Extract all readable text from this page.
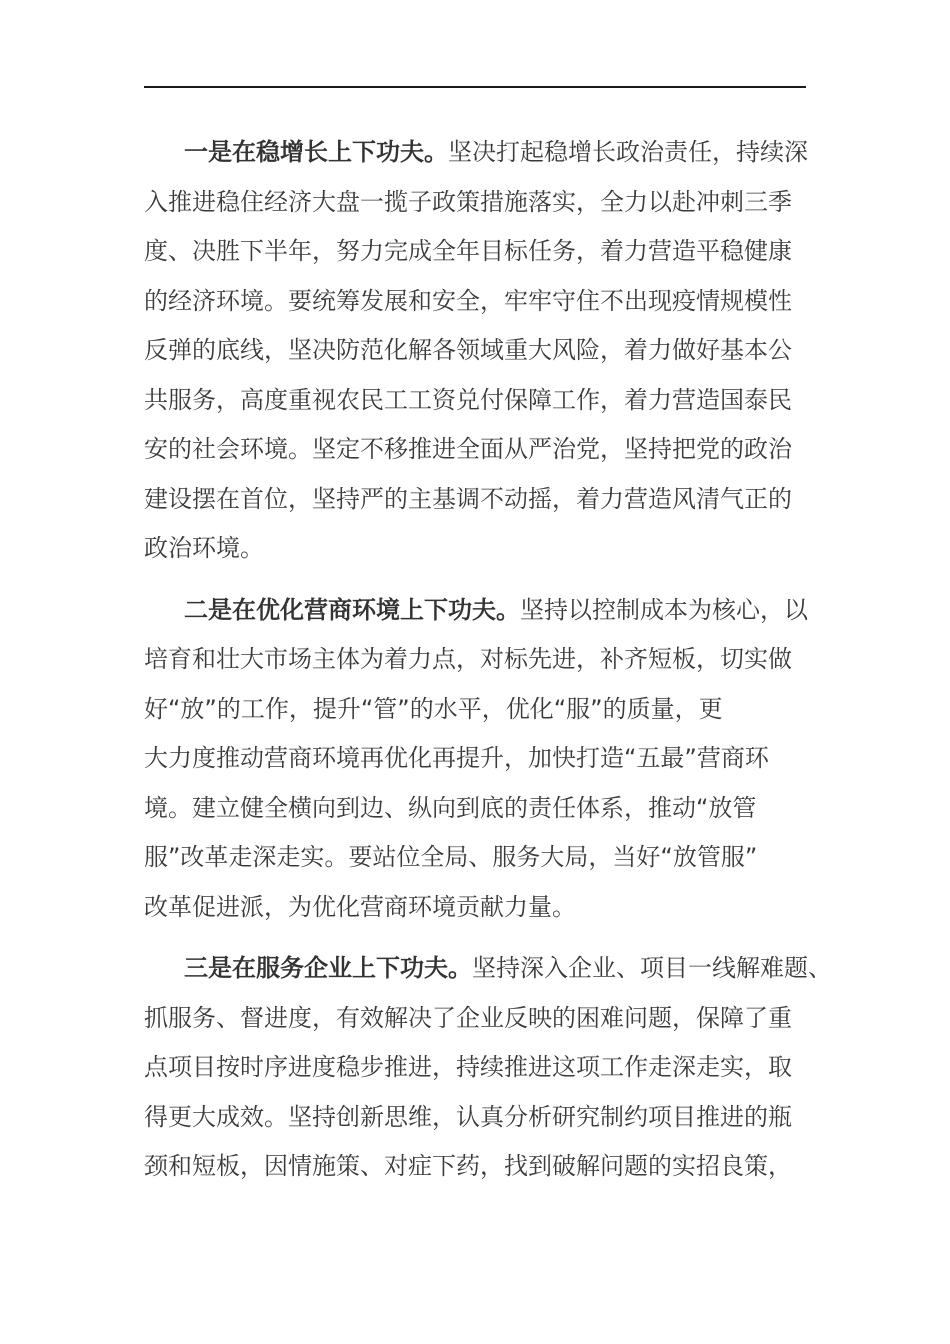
一是在稳增长上下功夫。坚决打起稳增长政治责任，持续深
入推进稳住经济大盘一揽子政策措施落实，全力以赴冲刺三季
度、决胜下半年，努力完成全年目标任务，着力营造平稳健康
的经济环境。要统筹发展和安全，牢牢守住不出现疫情规模性
反弹的底线，坚决防范化解各领域重大风险，着力做好基本公
共服务，高度重视农民工工资兑付保障工作，着力营造国泰民
安的社会环境。坚定不移推进全面从严治党，坚持把党的政治
建设摆在首位，坚持严的主基调不动摇，着力营造风清气正的
政治环境。
二是在优化营商环境上下功夫。坚持以控制成本为核心，以
培育和壮大市场主体为着力点，对标先进，补齐短板，切实做
好“放”的工作，提升“管”的水平，优化“服”的质量，更
大力度推动营商环境再优化再提升，加快打造“五最”营商环
境。建立健全横向到边、纵向到底的责任体系，推动“放管
服”改革走深走实。要站位全局、服务大局，当好“放管服”
改革促进派，为优化营商环境贡献力量。
三是在服务企业上下功夫。坚持深入企业、项目一线解难题、
抓服务、督进度，有效解决了企业反映的困难问题，保障了重
点项目按时序进度稳步推进，持续推进这项工作走深走实，取
得更大成效。坚持创新思维，认真分析研究制约项目推进的瓶
颈和短板，因情施策、对症下药，找到破解问题的实招良策，
